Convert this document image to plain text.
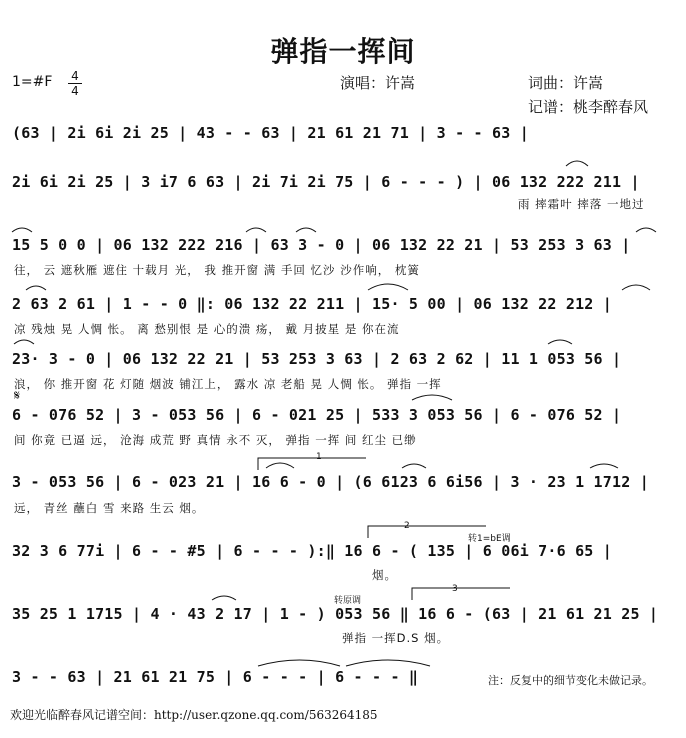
弹指一挥间
1=#F 4
4	演唱：许嵩	词曲：许嵩
记谱：桃李醉春风
(63 | 2i 6i 2i 25 | 43 - - 63 | 21 61 21 71 | 3 - - 63 |
2i 6i 2i 25 | 3 i7 6 63 | 2i 7i 2i 75 | 6 - - - ) | 06 132 222 211 |
雨 摔霜叶 摔落 一地过
15 5 0 0 | 06 132 222 216 | 63 3 - 0 | 06 132 22 21 | 53 253 3 63 |
往， 云 遮秋雁 遮住 十载月 光， 我 推开窗 满 手回 忆沙 沙作响， 枕簧
2 63 2 61 | 1 - - 0 ‖: 06 132 22 211 | 15· 5 00 | 06 132 22 212 |
凉 残烛 晃 人惆 怅。 离 愁别恨 是 心的溃 疡， 戴 月披星 是 你在流
23· 3 - 0 | 06 132 22 21 | 53 253 3 63 | 2 63 2 62 | 11 1 053 56 |
浪， 你 推开窗 花 灯随 烟波 铺江上， 露水 凉 老船 晃 人惆 怅。 弹指 一挥
𝄋
6 - 076 52 | 3 - 053 56 | 6 - 021 25 | 533 3 053 56 | 6 - 076 52 |
间 你竟 已逼 远， 沧海 成荒 野 真情 永不 灭， 弹指 一挥 间 红尘 已缈
3 - 053 56 | 6 - 023 21 | 16 6 - 0 | (6 6123 6 6i56 | 3 · 23 1 1712 |
远， 青丝 蘸白 雪 来路 生云 烟。
32 3 6 77i | 6 - - #5 | 6 - - - ):‖ 16 6 - ( 135 | 6 06i 7·6 65 |
烟。
35 25 1 1715 | 4 · 43 2 17 | 1 - ) 053 56 ‖ 16 6 - (63 | 21 61 21 25 |
弹指 一挥D.S 烟。
3 - - 63 | 21 61 21 75 | 6 - - - | 6 - - - ‖
1
2
3
转1=bE调
转原调
注：反复中的细节变化未做记录。
欢迎光临醉春风记谱空间：http://user.qzone.qq.com/563264185
